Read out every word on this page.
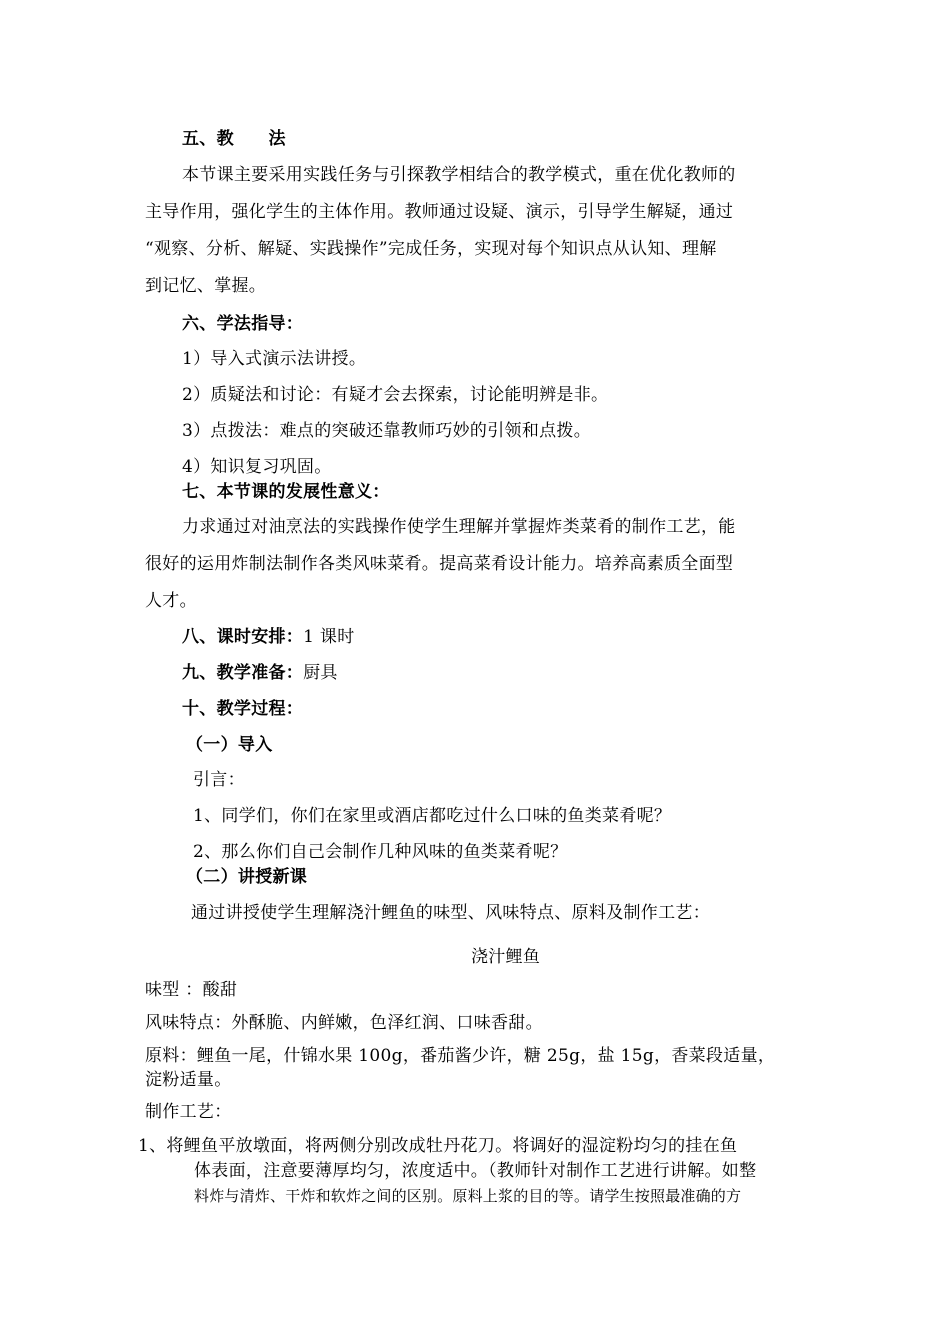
五、教　　法
本节课主要采用实践任务与引探教学相结合的教学模式，重在优化教师的
主导作用，强化学生的主体作用。教师通过设疑、演示，引导学生解疑，通过
“观察、分析、解疑、实践操作”完成任务，实现对每个知识点从认知、理解
到记忆、掌握。
六、学法指导：
1）导入式演示法讲授。
2）质疑法和讨论：有疑才会去探索，讨论能明辨是非。
3）点拨法：难点的突破还靠教师巧妙的引领和点拨。
4）知识复习巩固。
七、本节课的发展性意义：
力求通过对油烹法的实践操作使学生理解并掌握炸类菜肴的制作工艺，能
很好的运用炸制法制作各类风味菜肴。提高菜肴设计能力。培养高素质全面型
人才。
八、课时安排：1 课时
九、教学准备：厨具
十、教学过程：
（一）导入
引言：
1、同学们，你们在家里或酒店都吃过什么口味的鱼类菜肴呢？
2、那么你们自己会制作几种风味的鱼类菜肴呢？
（二）讲授新课
通过讲授使学生理解浇汁鲤鱼的味型、风味特点、原料及制作工艺：
浇汁鲤鱼
味型 ：酸甜
风味特点：外酥脆、内鲜嫩，色泽红润、口味香甜。
原料：鲤鱼一尾，什锦水果 100g，番茄酱少许，糖 25g，盐 15g，香菜段适量，
淀粉适量。
制作工艺：
1、将鲤鱼平放墩面，将两侧分别改成牡丹花刀。将调好的湿淀粉均匀的挂在鱼
体表面，注意要薄厚均匀，浓度适中。（教师针对制作工艺进行讲解。如整
料炸与清炸、干炸和软炸之间的区别。原料上浆的目的等。请学生按照最准确的方
